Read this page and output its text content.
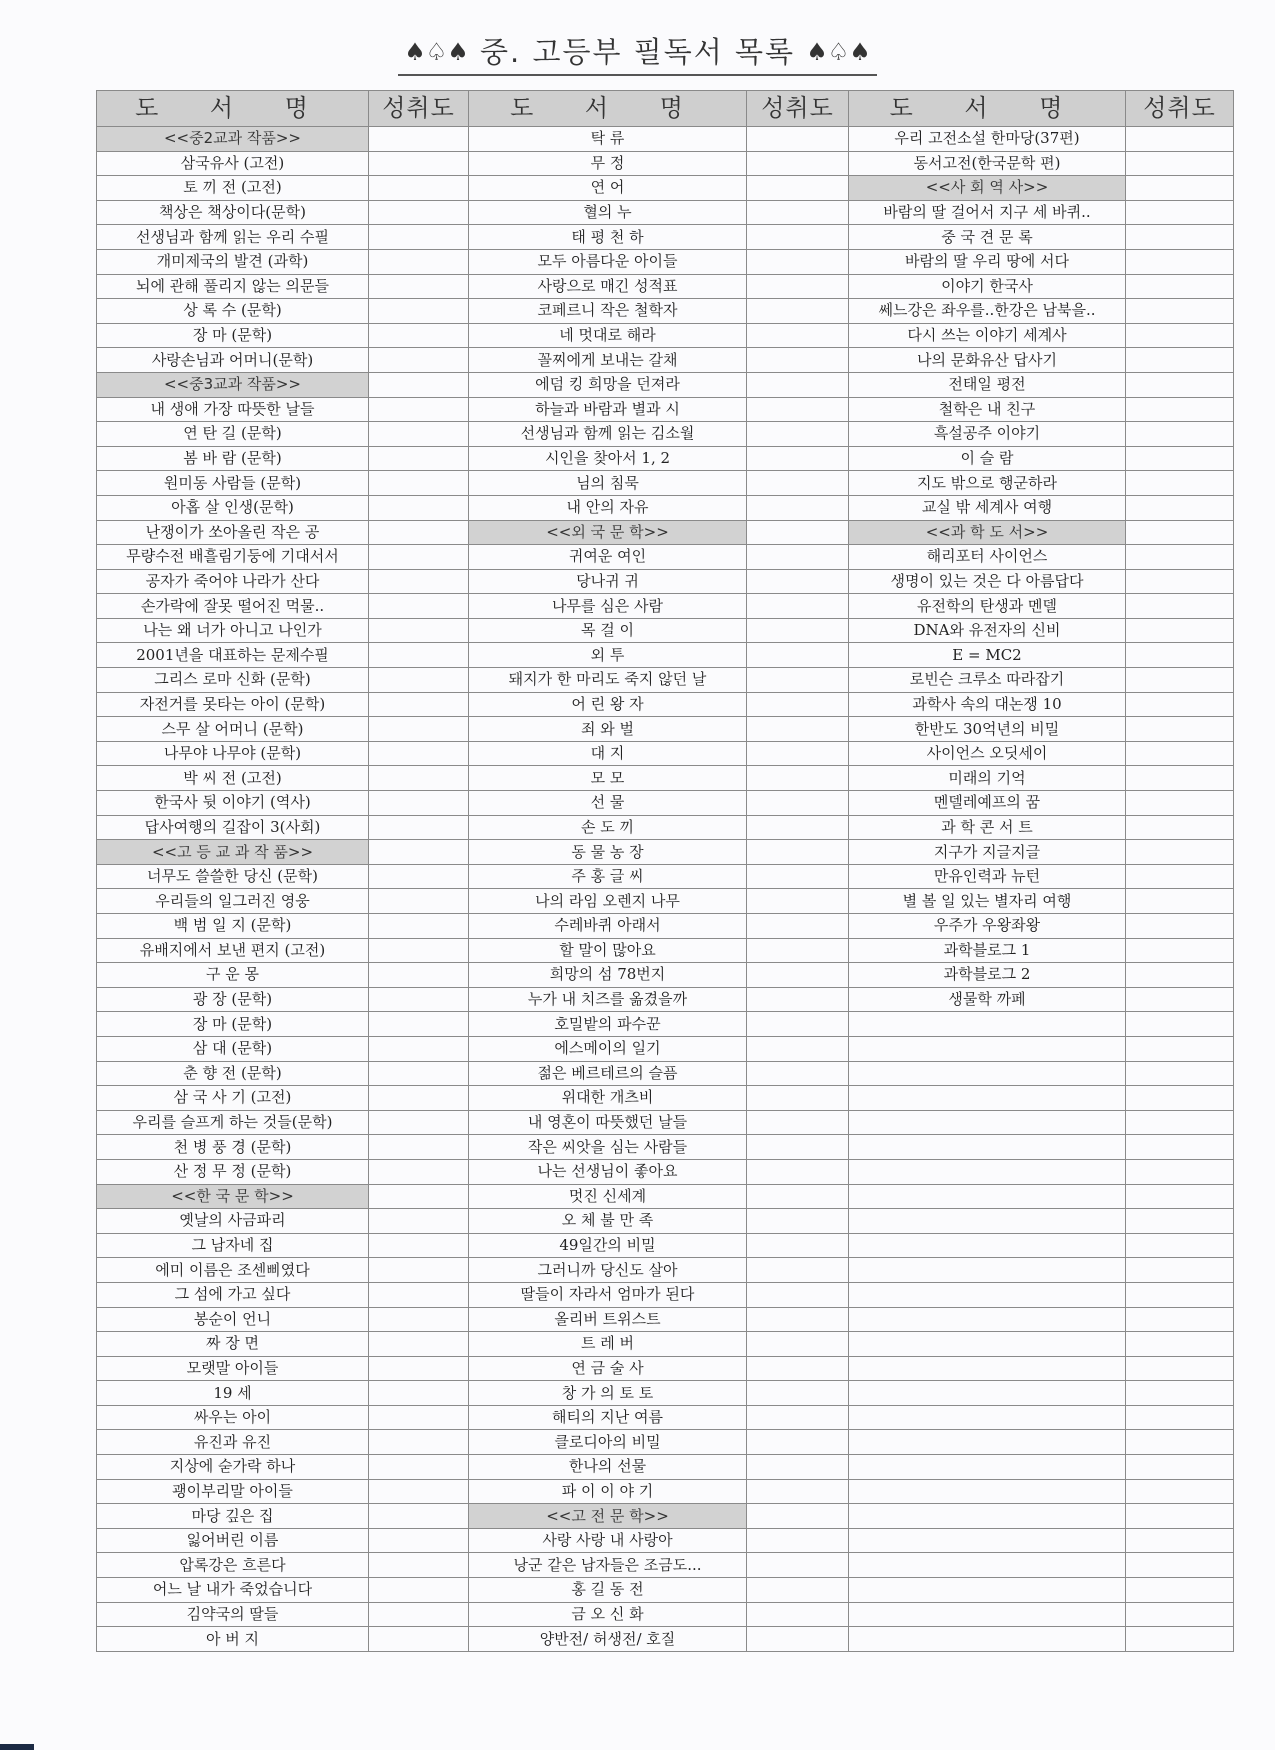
♠♤♠ 중. 고등부 필독서 목록 ♠♤♠
도 서 명	성취도	도 서 명	성취도	도 서 명	성취도
<<중2교과 작품>>		탁 류		우리 고전소설 한마당(37편)	
삼국유사 (고전)		무 정		동서고전(한국문학 편)	
토 끼 전 (고전)		연 어		<<사 회 역 사>>	
책상은 책상이다(문학)		혈의 누		바람의 딸 걸어서 지구 세 바퀴..	
선생님과 함께 읽는 우리 수필		태 평 천 하		중 국 견 문 록	
개미제국의 발견 (과학)		모두 아름다운 아이들		바람의 딸 우리 땅에 서다	
뇌에 관해 풀리지 않는 의문들		사랑으로 매긴 성적표		이야기 한국사	
상 록 수 (문학)		코페르니 작은 철학자		쎄느강은 좌우를..한강은 남북을..	
장 마 (문학)		네 멋대로 해라		다시 쓰는 이야기 세계사	
사랑손님과 어머니(문학)		꼴찌에게 보내는 갈채		나의 문화유산 답사기	
<<중3교과 작품>>		에덤 킹 희망을 던져라		전태일 평전	
내 생애 가장 따뜻한 날들		하늘과 바람과 별과 시		철학은 내 친구	
연 탄 길 (문학)		선생님과 함께 읽는 김소월		흑설공주 이야기	
봄 바 람 (문학)		시인을 찾아서 1, 2		이 슬 람	
원미동 사람들 (문학)		님의 침묵		지도 밖으로 행군하라	
아홉 살 인생(문학)		내 안의 자유		교실 밖 세계사 여행	
난쟁이가 쏘아올린 작은 공		<<외 국 문 학>>		<<과 학 도 서>>	
무량수전 배흘림기둥에 기대서서		귀여운 여인		해리포터 사이언스	
공자가 죽어야 나라가 산다		당나귀 귀		생명이 있는 것은 다 아름답다	
손가락에 잘못 떨어진 먹물..		나무를 심은 사람		유전학의 탄생과 멘델	
나는 왜 너가 아니고 나인가		목 걸 이		DNA와 유전자의 신비	
2001년을 대표하는 문제수필		외 투		E = MC2	
그리스 로마 신화 (문학)		돼지가 한 마리도 죽지 않던 날		로빈슨 크루소 따라잡기	
자전거를 못타는 아이 (문학)		어 린 왕 자		과학사 속의 대논쟁 10	
스무 살 어머니 (문학)		죄 와 벌		한반도 30억년의 비밀	
나무야 나무야 (문학)		대 지		사이언스 오딧세이	
박 씨 전 (고전)		모 모		미래의 기억	
한국사 뒷 이야기 (역사)		선 물		멘델레예프의 꿈	
답사여행의 길잡이 3(사회)		손 도 끼		과 학 콘 서 트	
<<고 등 교 과 작 품>>		동 물 농 장		지구가 지글지글	
너무도 쓸쓸한 당신 (문학)		주 홍 글 씨		만유인력과 뉴턴	
우리들의 일그러진 영웅		나의 라임 오렌지 나무		별 볼 일 있는 별자리 여행	
백 범 일 지 (문학)		수레바퀴 아래서		우주가 우왕좌왕	
유배지에서 보낸 편지 (고전)		할 말이 많아요		과학블로그 1	
구 운 몽		희망의 섬 78번지		과학블로그 2	
광 장 (문학)		누가 내 치즈를 옮겼을까		생물학 까페	
장 마 (문학)		호밀밭의 파수꾼			
삼 대 (문학)		에스메이의 일기			
춘 향 전 (문학)		젊은 베르테르의 슬픔			
삼 국 사 기 (고전)		위대한 개츠비			
우리를 슬프게 하는 것들(문학)		내 영혼이 따뜻했던 날들			
천 병 풍 경 (문학)		작은 씨앗을 심는 사람들			
산 정 무 정 (문학)		나는 선생님이 좋아요			
<<한 국 문 학>>		멋진 신세계			
옛날의 사금파리		오 체 불 만 족			
그 남자네 집		49일간의 비밀			
에미 이름은 조센삐였다		그러니까 당신도 살아			
그 섬에 가고 싶다		딸들이 자라서 엄마가 된다			
봉순이 언니		올리버 트위스트			
짜 장 면		트 레 버			
모랫말 아이들		연 금 술 사			
19 세		창 가 의 토 토			
싸우는 아이		해티의 지난 여름			
유진과 유진		클로디아의 비밀			
지상에 숟가락 하나		한나의 선물			
괭이부리말 아이들		파 이 이 야 기			
마당 깊은 집		<<고 전 문 학>>			
잃어버린 이름		사랑 사랑 내 사랑아			
압록강은 흐른다		낭군 같은 남자들은 조금도...			
어느 날 내가 죽었습니다		홍 길 동 전			
김약국의 딸들		금 오 신 화			
아 버 지		양반전/ 허생전/ 호질			
